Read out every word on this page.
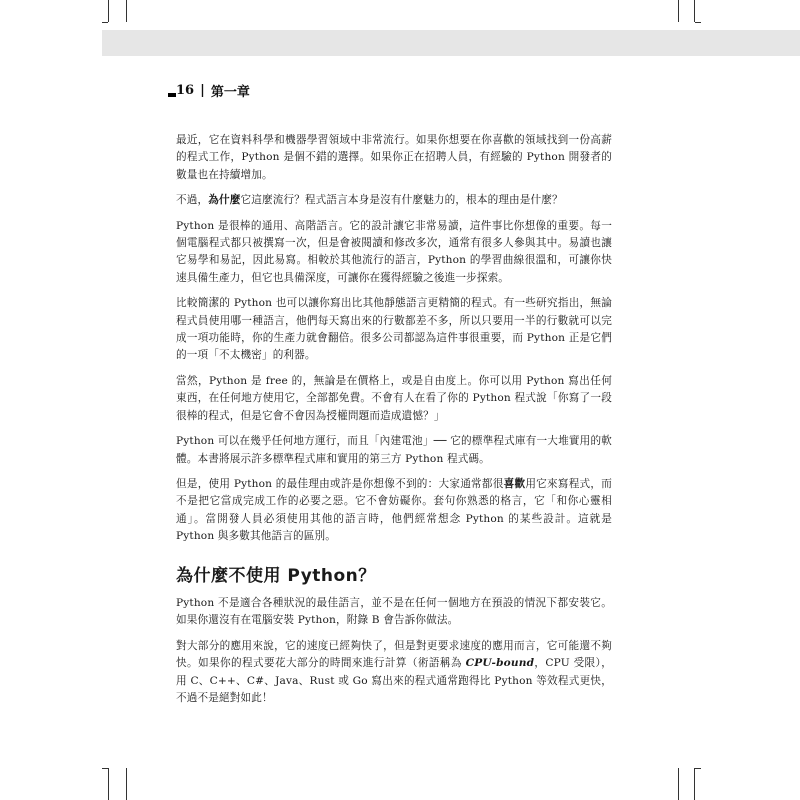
16 | 第一章

最近，它在資料科學和機器學習領域中非常流行。如果你想要在你喜歡的領域找到一份高薪的程式工作，Python 是個不錯的選擇。如果你正在招聘人員，有經驗的 Python 開發者的數量也在持續增加。

不過，為什麼它這麼流行？程式語言本身是沒有什麼魅力的，根本的理由是什麼？

Python 是很棒的通用、高階語言。它的設計讓它非常易讀，這件事比你想像的重要。每一個電腦程式都只被撰寫一次，但是會被閱讀和修改多次，通常有很多人參與其中。易讀也讓它易學和易記，因此易寫。相較於其他流行的語言，Python 的學習曲線很溫和，可讓你快速具備生產力，但它也具備深度，可讓你在獲得經驗之後進一步探索。

比較簡潔的 Python 也可以讓你寫出比其他靜態語言更精簡的程式。有一些研究指出，無論程式員使用哪一種語言，他們每天寫出來的行數都差不多，所以只要用一半的行數就可以完成一項功能時，你的生產力就會翻倍。很多公司都認為這件事很重要，而 Python 正是它們的一項「不太機密」的利器。

當然，Python 是 free 的，無論是在價格上，或是自由度上。你可以用 Python 寫出任何東西，在任何地方使用它，全部都免費。不會有人在看了你的 Python 程式說「你寫了一段很棒的程式，但是它會不會因為授權問題而造成遺憾？」

Python 可以在幾乎任何地方運行，而且「內建電池」── 它的標準程式庫有一大堆實用的軟體。本書將展示許多標準程式庫和實用的第三方 Python 程式碼。

但是，使用 Python 的最佳理由或許是你想像不到的：大家通常都很喜歡用它來寫程式，而不是把它當成完成工作的必要之惡。它不會妨礙你。套句你熟悉的格言，它「和你心靈相通」。當開發人員必須使用其他的語言時，他們經常想念 Python 的某些設計。這就是 Python 與多數其他語言的區別。

為什麼不使用 Python？

Python 不是適合各種狀況的最佳語言，並不是在任何一個地方在預設的情況下都安裝它。如果你還沒有在電腦安裝 Python，附錄 B 會告訴你做法。

對大部分的應用來說，它的速度已經夠快了，但是對更要求速度的應用而言，它可能還不夠快。如果你的程式要花大部分的時間來進行計算（術語稱為 CPU-bound，CPU 受限），用 C、C++、C#、Java、Rust 或 Go 寫出來的程式通常跑得比 Python 等效程式更快，不過不是絕對如此！
